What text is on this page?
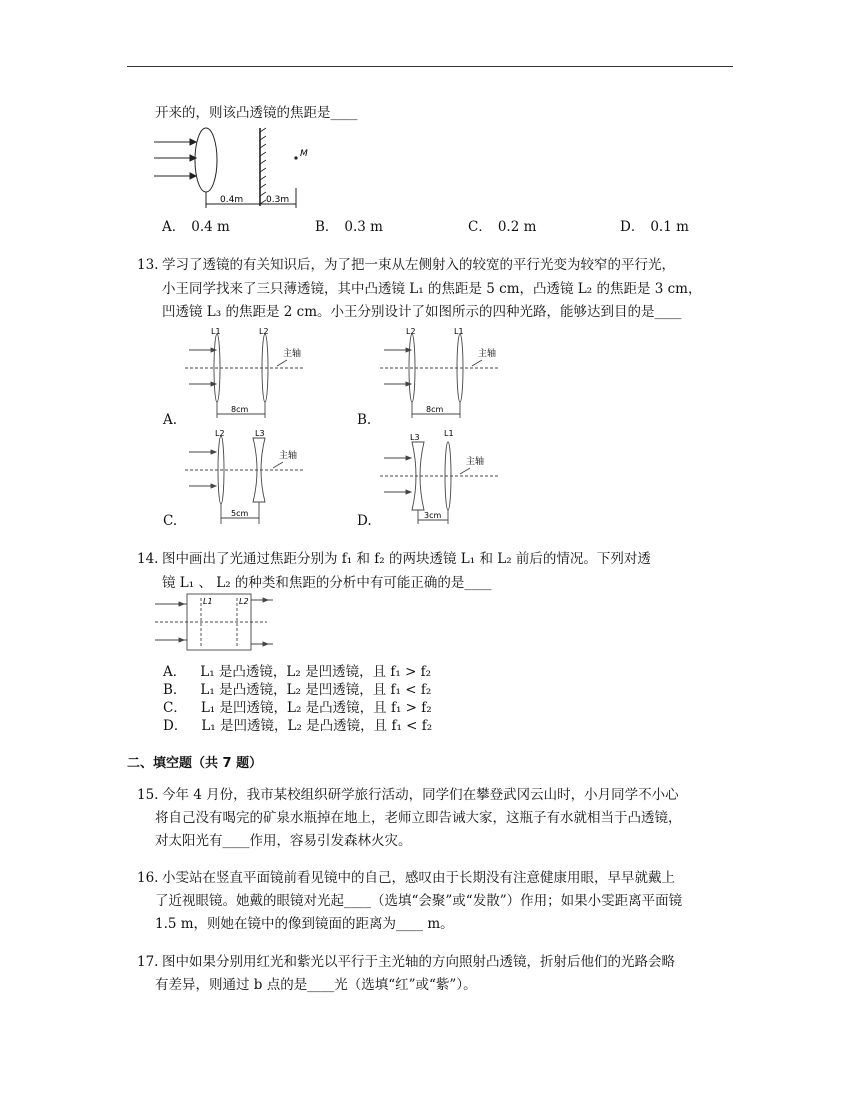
开来的，则该凸透镜的焦距是____
M
0.4m	0.3m
A． 0.4 m	B． 0.3 m	C． 0.2 m	D． 0.1 m
13. 学习了透镜的有关知识后，为了把一束从左侧射入的较宽的平行光变为较窄的平行光，
小王同学找来了三只薄透镜，其中凸透镜 L₁ 的焦距是 5 cm，凸透镜 L₂ 的焦距是 3 cm，
凹透镜 L₃ 的焦距是 2 cm。小王分别设计了如图所示的四种光路，能够达到目的是____
L1	L2
主轴
8cm
A.
L2	L1
主轴
8cm
B.
L2	L3
主轴
5cm
C.
L3	L1
主轴
3cm
D.
14. 图中画出了光通过焦距分别为 f₁ 和 f₂ 的两块透镜 L₁ 和 L₂ 前后的情况。下列对透
镜 L₁ 、 L₂ 的种类和焦距的分析中有可能正确的是____
L1	L2
A． L₁ 是凸透镜，L₂ 是凹透镜，且 f₁ > f₂
B． L₁ 是凸透镜，L₂ 是凹透镜，且 f₁ < f₂
C． L₁ 是凹透镜，L₂ 是凸透镜，且 f₁ > f₂
D． L₁ 是凹透镜，L₂ 是凸透镜，且 f₁ < f₂
二、填空题（共 7 题）
15. 今年 4 月份，我市某校组织研学旅行活动，同学们在攀登武冈云山时，小月同学不小心
将自己没有喝完的矿泉水瓶掉在地上，老师立即告诫大家，这瓶子有水就相当于凸透镜，
对太阳光有____作用，容易引发森林火灾。
16. 小雯站在竖直平面镜前看见镜中的自己，感叹由于长期没有注意健康用眼，早早就戴上
了近视眼镜。她戴的眼镜对光起____（选填“会聚”或“发散”）作用；如果小雯距离平面镜
1.5 m，则她在镜中的像到镜面的距离为____ m。
17. 图中如果分别用红光和紫光以平行于主光轴的方向照射凸透镜，折射后他们的光路会略
有差异，则通过 b 点的是____光（选填“红”或“紫”）。
